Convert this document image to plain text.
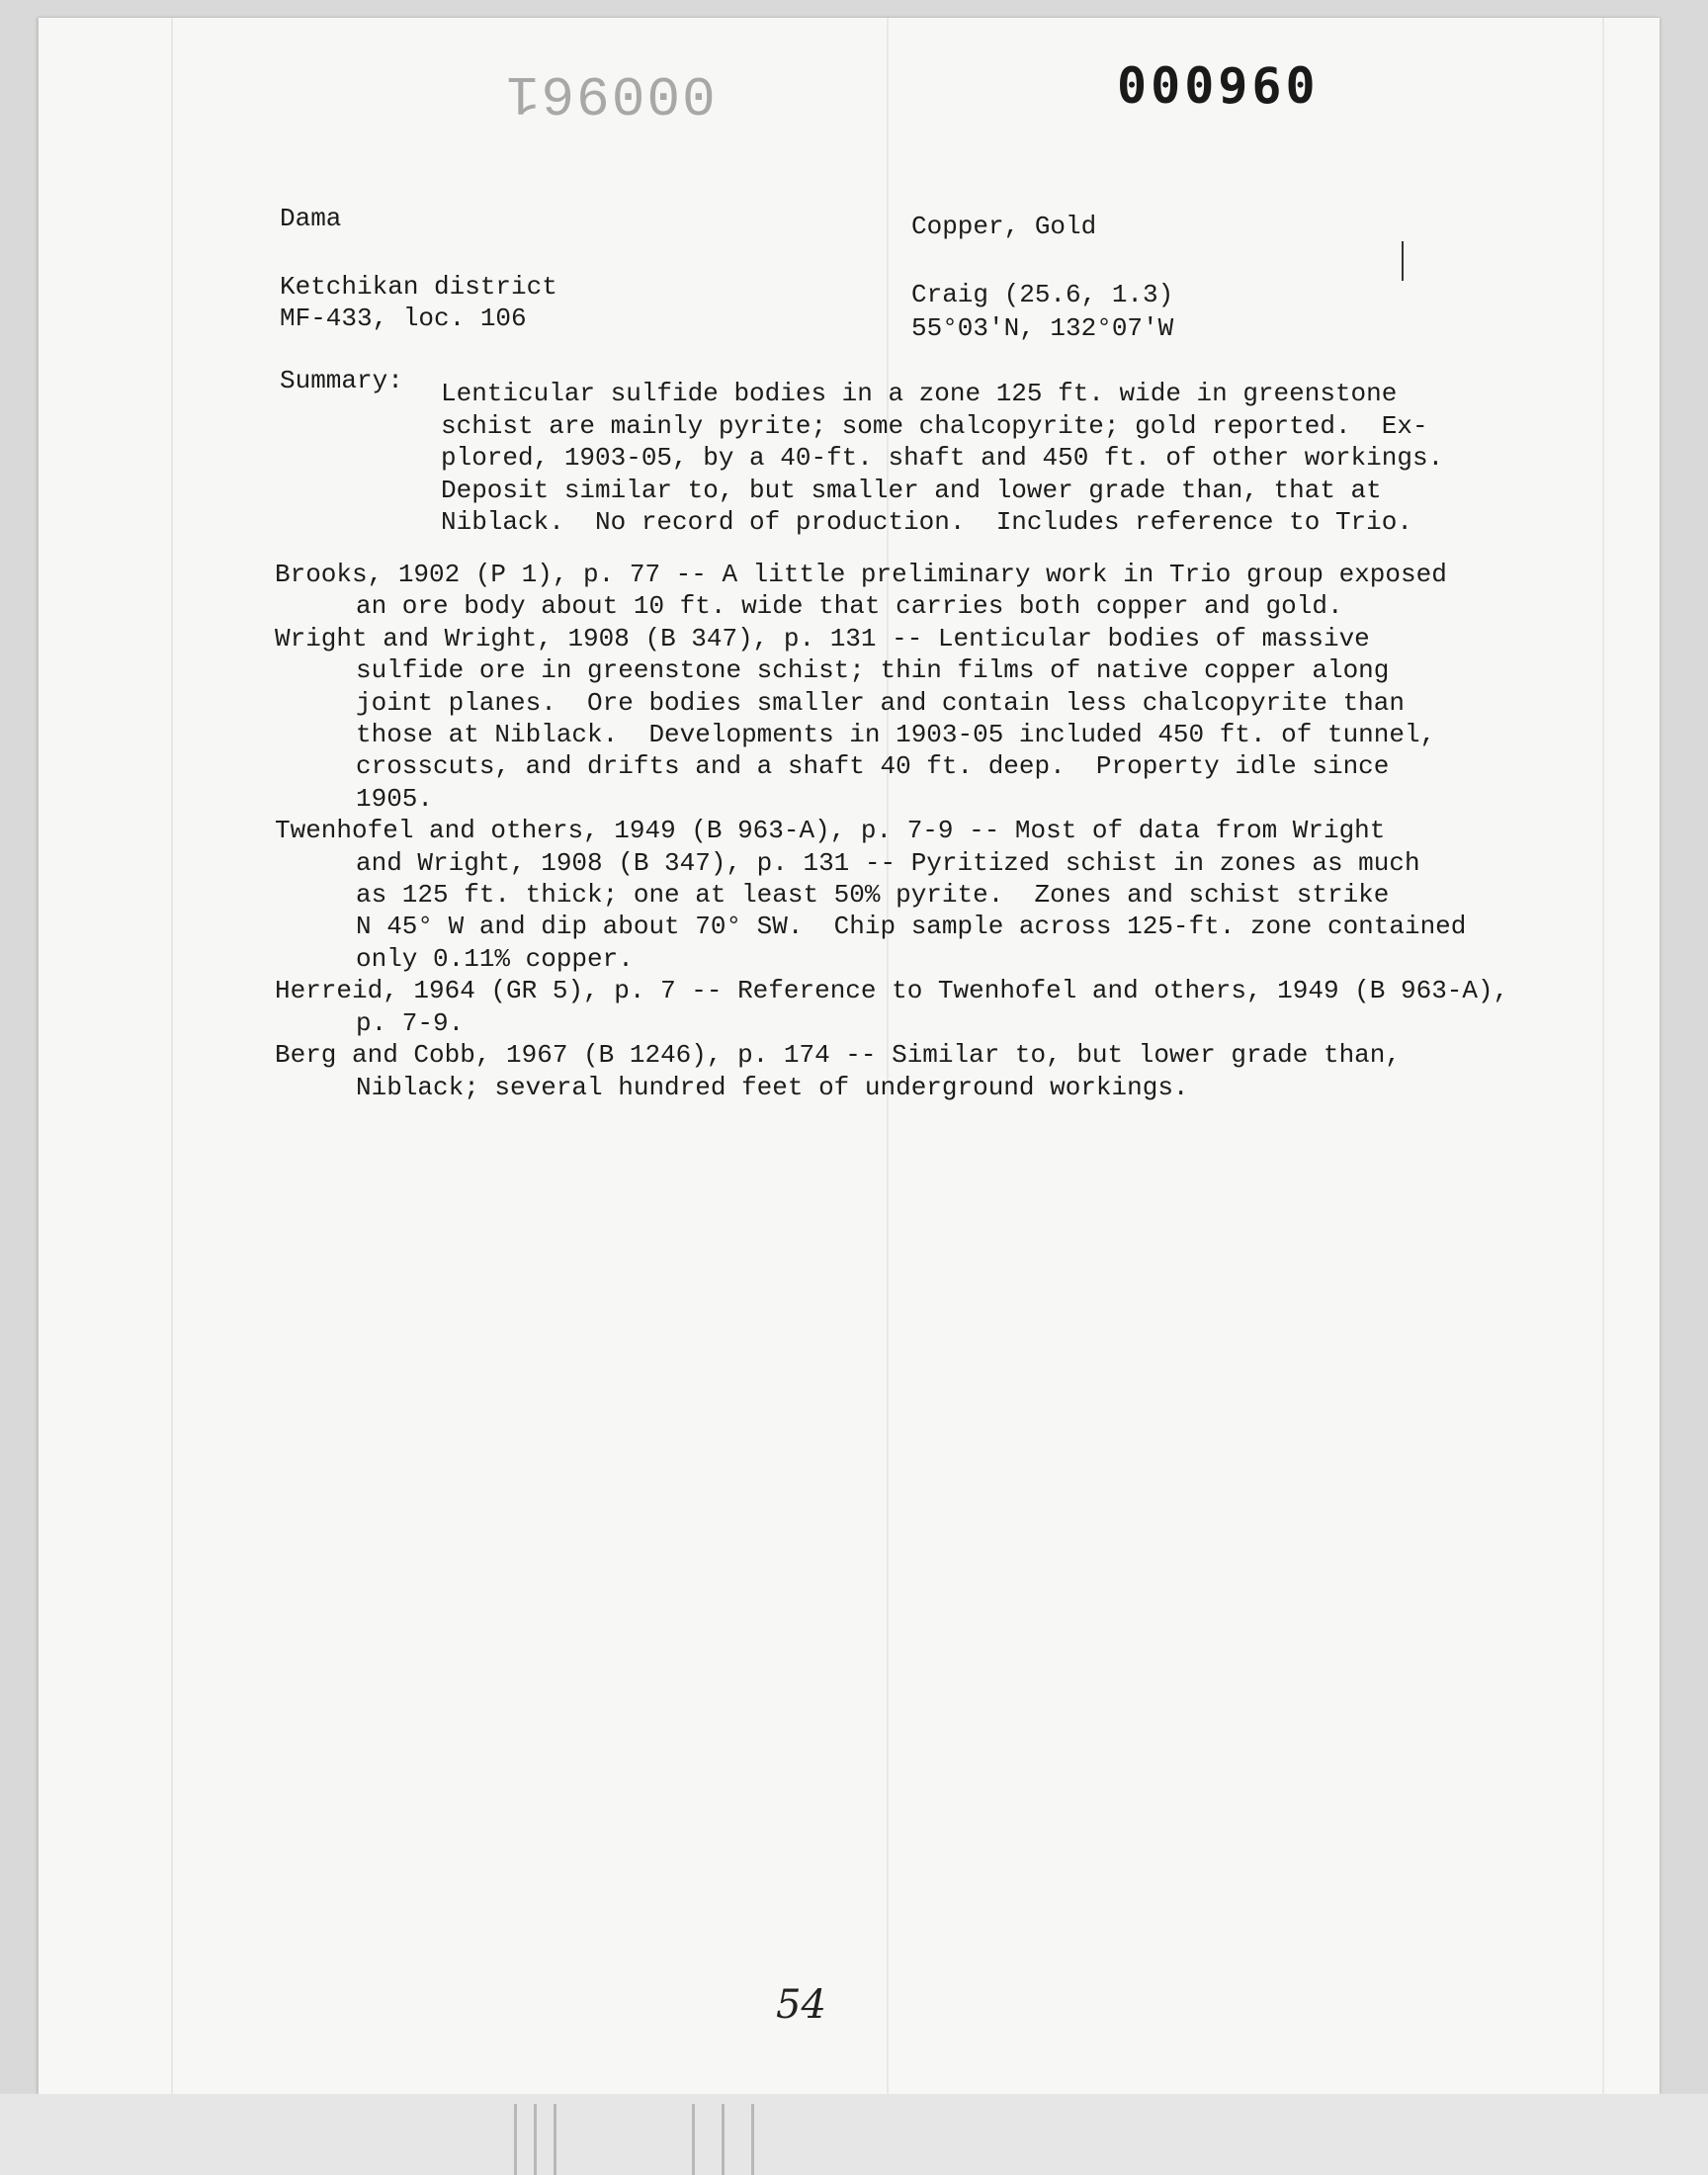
000961	000960
Dama	Copper, Gold
Ketchikan district
MF-433, loc. 106
Craig (25.6, 1.3)
55°03'N, 132°07'W
Summary: Lenticular sulfide bodies in a zone 125 ft. wide in greenstone
schist are mainly pyrite; some chalcopyrite; gold reported.  Ex-
plored, 1903-05, by a 40-ft. shaft and 450 ft. of other workings.
Deposit similar to, but smaller and lower grade than, that at
Niblack.  No record of production.  Includes reference to Trio.
Brooks, 1902 (P 1), p. 77 -- A little preliminary work in Trio group exposed

an ore body about 10 ft. wide that carries both copper and gold.
Wright and Wright, 1908 (B 347), p. 131 -- Lenticular bodies of massive

sulfide ore in greenstone schist; thin films of native copper along
joint planes.  Ore bodies smaller and contain less chalcopyrite than
those at Niblack.  Developments in 1903-05 included 450 ft. of tunnel,
crosscuts, and drifts and a shaft 40 ft. deep.  Property idle since
1905.
Twenhofel and others, 1949 (B 963-A), p. 7-9 -- Most of data from Wright

and Wright, 1908 (B 347), p. 131 -- Pyritized schist in zones as much
as 125 ft. thick; one at least 50% pyrite.  Zones and schist strike
N 45° W and dip about 70° SW.  Chip sample across 125-ft. zone contained
only 0.11% copper.
Herreid, 1964 (GR 5), p. 7 -- Reference to Twenhofel and others, 1949 (B 963-A),

p. 7-9.
Berg and Cobb, 1967 (B 1246), p. 174 -- Similar to, but lower grade than,

Niblack; several hundred feet of underground workings.
54
